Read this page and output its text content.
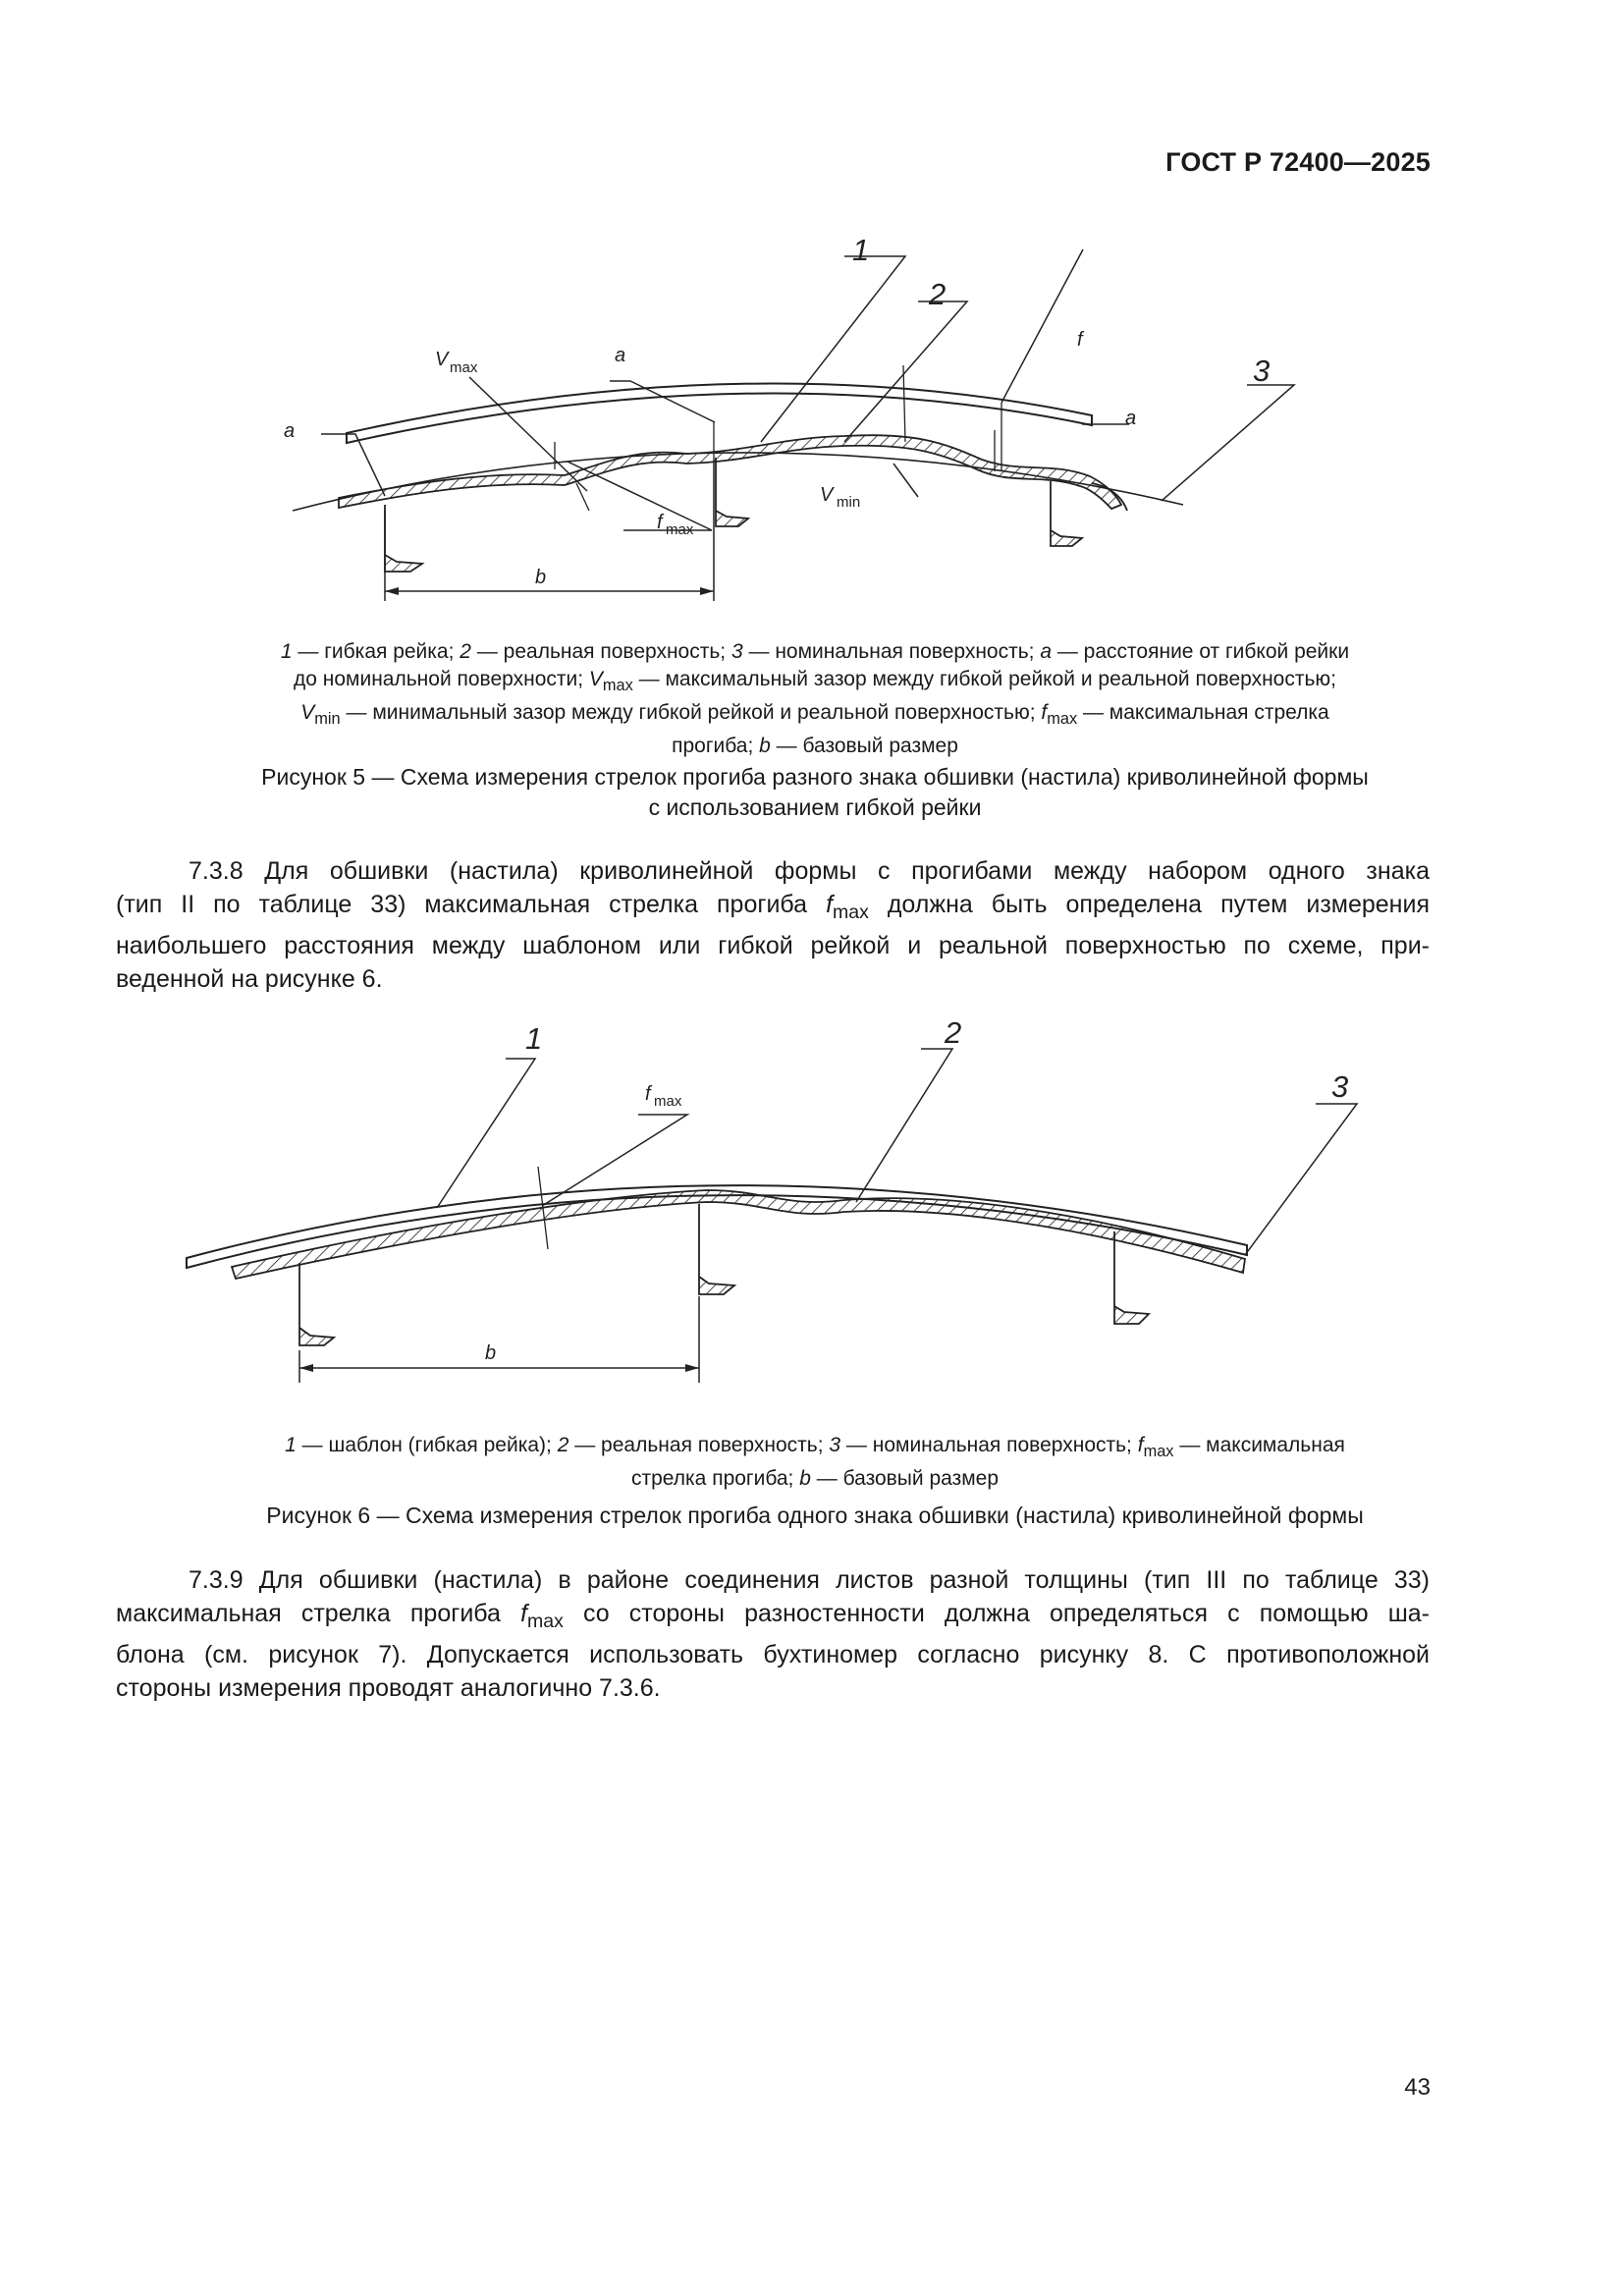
ГОСТ Р 72400—2025
1
2
3
V max
a
a
a
f
f max
V min
b
1 — гибкая рейка; 2 — реальная поверхность; 3 — номинальная поверхность; a — расстояние от гибкой рейки
до номинальной поверхности; $V_{max}$ — максимальный зазор между гибкой рейкой и реальной поверхностью;
$V_{min}$ — минимальный зазор между гибкой рейкой и реальной поверхностью; $f_{max}$ — максимальная стрелка
прогиба; b — базовый размер
Рисунок 5 — Схема измерения стрелок прогиба разного знака обшивки (настила) криволинейной формы
с использованием гибкой рейки
7.3.8 Для обшивки (настила) криволинейной формы с прогибами между набором одного знака
(тип II по таблице 33) максимальная стрелка прогиба $f_{max}$ должна быть определена путем измерения
наибольшего расстояния между шаблоном или гибкой рейкой и реальной поверхностью по схеме, при-
веденной на рисунке 6.
1	2
3
f max
b
1 — шаблон (гибкая рейка); 2 — реальная поверхность; 3 — номинальная поверхность; $f_{max}$ — максимальная
стрелка прогиба; b — базовый размер
Рисунок 6 — Схема измерения стрелок прогиба одного знака обшивки (настила) криволинейной формы
7.3.9 Для обшивки (настила) в районе соединения листов разной толщины (тип III по таблице 33)
максимальная стрелка прогиба $f_{max}$ со стороны разностенности должна определяться с помощью ша-
блона (см. рисунок 7). Допускается использовать бухтиномер согласно рисунку 8. С противоположной
стороны измерения проводят аналогично 7.3.6.
43
